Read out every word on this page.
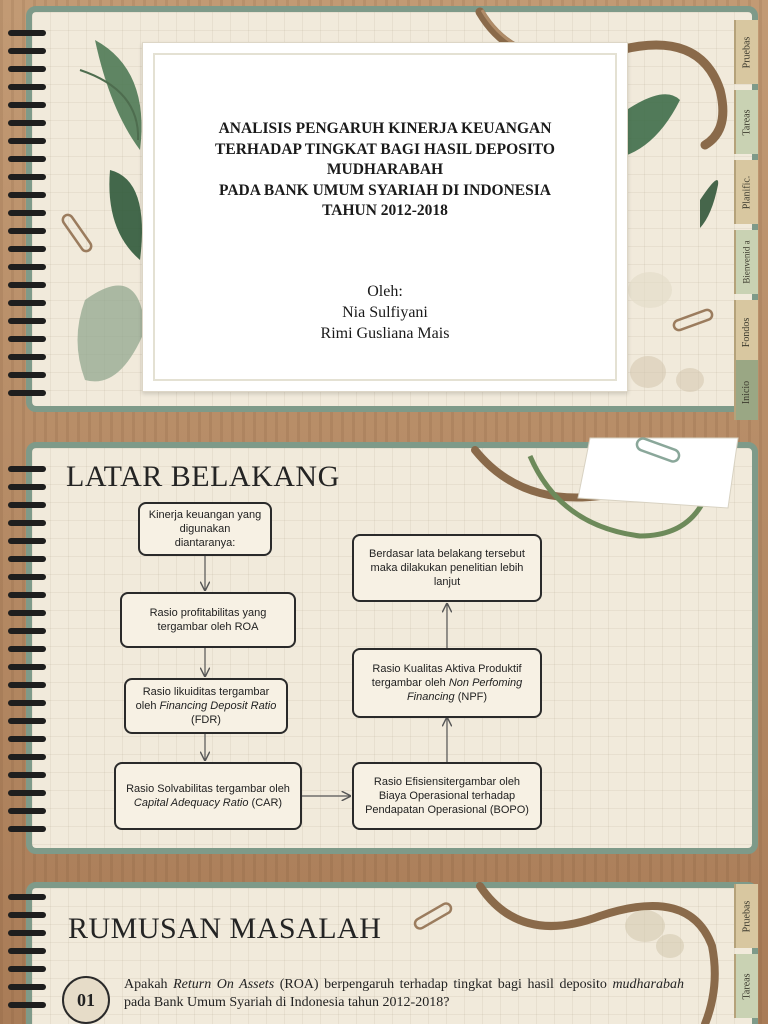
Pruebas
Tareas
Planific.
Bienvenid a
Fondos
Inicio
ANALISIS PENGARUH KINERJA KEUANGAN
TERHADAP TINGKAT BAGI HASIL DEPOSITO
MUDHARABAH
PADA BANK UMUM SYARIAH DI INDONESIA
TAHUN 2012-2018
Oleh:
Nia Sulfiyani
Rimi Gusliana Mais
LATAR BELAKANG
Kinerja keuangan yang digunakan diantaranya:
Rasio profitabilitas yang tergambar oleh ROA
Rasio likuiditas tergambar oleh Financing Deposit Ratio (FDR)
Rasio Solvabilitas tergambar oleh Capital Adequacy Ratio (CAR)
Rasio Efisiensitergambar oleh Biaya Operasional terhadap Pendapatan Operasional (BOPO)
Rasio Kualitas Aktiva Produktif tergambar oleh Non Perfoming Financing (NPF)
Berdasar lata belakang tersebut maka dilakukan penelitian lebih lanjut
Pruebas
Tareas
RUMUSAN MASALAH
01
Apakah Return On Assets (ROA) berpengaruh terhadap tingkat bagi hasil deposito mudharabah pada Bank Umum Syariah di Indonesia tahun 2012-2018?
